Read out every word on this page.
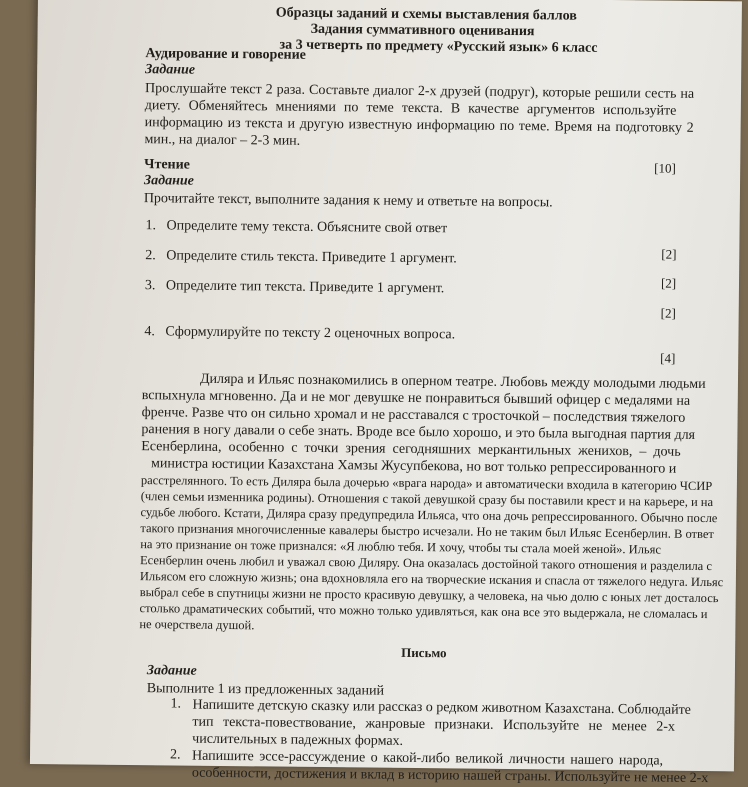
Образцы заданий и схемы выставления баллов
Задания суммативного оценивания
за 3 четверть по предмету «Русский язык» 6 класс
Аудирование и говорение
Задание
Прослушайте текст 2 раза. Составьте диалог 2-х друзей (подруг), которые решили сесть на
диету. Обменяйтесь мнениями по теме текста. В качестве аргументов используйте
информацию из текста и другую известную информацию по теме. Время на подготовку 2
мин., на диалог – 2-3 мин.
Чтение	[10]
Задание
Прочитайте текст, выполните задания к нему и ответьте на вопросы.
1. Определите тему текста. Объясните свой ответ
[2]
2. Определите стиль текста. Приведите 1 аргумент.
[2]
3. Определите тип текста. Приведите 1 аргумент.
[2]
4. Сформулируйте по тексту 2 оценочных вопроса.
[4]
Диляра и Ильяс познакомились в оперном театре. Любовь между молодыми людьми
вспыхнула мгновенно. Да и не мог девушке не понравиться бывший офицер с медалями на
френче. Разве что он сильно хромал и не расставался с тросточкой – последствия тяжелого
ранения в ногу давали о себе знать. Вроде все было хорошо, и это была выгодная партия для
Есенберлина, особенно с точки зрения сегодняшних меркантильных женихов, – дочь
министра юстиции Казахстана Хамзы Жусупбекова, но вот только репрессированного и
расстрелянного. То есть Диляра была дочерью «врага народа» и автоматически входила в категорию ЧСИР
(член семьи изменника родины). Отношения с такой девушкой сразу бы поставили крест и на карьере, и на
судьбе любого. Кстати, Диляра сразу предупредила Ильяса, что она дочь репрессированного. Обычно после
такого признания многочисленные кавалеры быстро исчезали. Но не таким был Ильяс Есенберлин. В ответ
на это признание он тоже признался: «Я люблю тебя. И хочу, чтобы ты стала моей женой». Ильяс
Есенберлин очень любил и уважал свою Диляру. Она оказалась достойной такого отношения и разделила с
Ильясом его сложную жизнь; она вдохновляла его на творческие искания и спасла от тяжелого недуга. Ильяс
выбрал себе в спутницы жизни не просто красивую девушку, а человека, на чью долю с юных лет досталось
столько драматических событий, что можно только удивляться, как она все это выдержала, не сломалась и
не очерствела душой.
Письмо
Задание
Выполните 1 из предложенных заданий
1. Напишите детскую сказку или рассказ о редком животном Казахстана. Соблюдайте
тип текста-повествование, жанровые признаки. Используйте не менее 2-х
числительных в падежных формах.
2. Напишите эссе-рассуждение о какой-либо великой личности нашего народа,
особенности, достижения и вклад в историю нашей страны. Используйте не менее 2-х
